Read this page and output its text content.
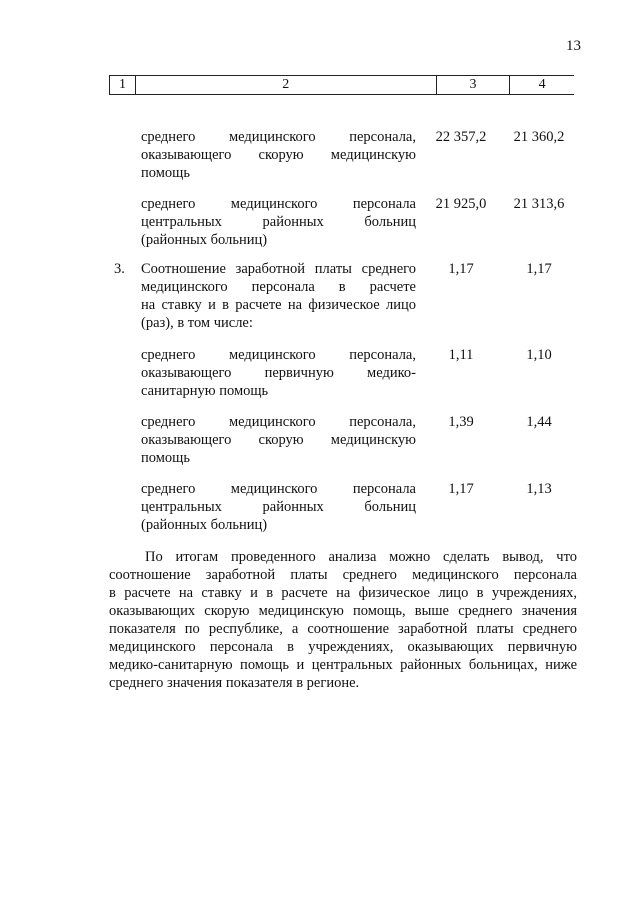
13
1	2	3	4
среднего медицинского персонала,
оказывающего скорую медицинскую
помощь
22 357,2	21 360,2
среднего медицинского персонала
центральных районных больниц
(районных больниц)
21 925,0	21 313,6
3.	Соотношение заработной платы среднего
медицинского персонала в расчете
на ставку и в расчете на физическое лицо
(раз), в том числе:
1,17	1,17
среднего медицинского персонала,
оказывающего первичную медико-
санитарную помощь
1,11	1,10
среднего медицинского персонала,
оказывающего скорую медицинскую
помощь
1,39	1,44
среднего медицинского персонала
центральных районных больниц
(районных больниц)
1,17	1,13
По итогам проведенного анализа можно сделать вывод, что
соотношение заработной платы среднего медицинского персонала
в расчете на ставку и в расчете на физическое лицо в учреждениях,
оказывающих скорую медицинскую помощь, выше среднего значения
показателя по республике, а соотношение заработной платы среднего
медицинского персонала в учреждениях, оказывающих первичную
медико-санитарную помощь и центральных районных больницах, ниже
среднего значения показателя в регионе.
